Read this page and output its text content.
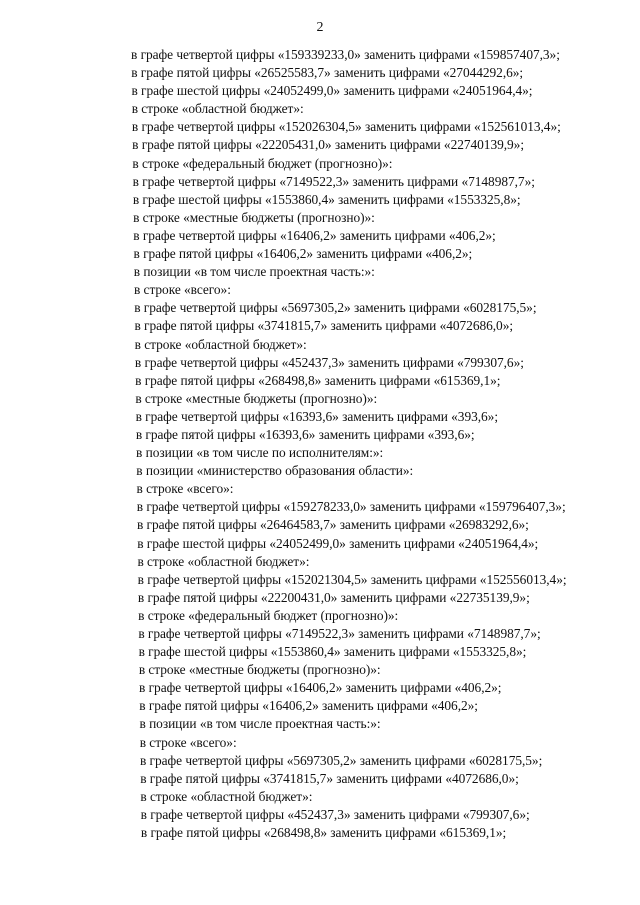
2
в графе четвертой цифры «159339233,0» заменить цифрами «159857407,3»;
в графе пятой цифры «26525583,7» заменить цифрами «27044292,6»;
в графе шестой цифры «24052499,0» заменить цифрами «24051964,4»;
в строке «областной бюджет»:
в графе четвертой цифры «152026304,5» заменить цифрами «152561013,4»;
в графе пятой цифры «22205431,0» заменить цифрами «22740139,9»;
в строке «федеральный бюджет (прогнозно)»:
в графе четвертой цифры «7149522,3» заменить цифрами «7148987,7»;
в графе шестой цифры «1553860,4» заменить цифрами «1553325,8»;
в строке «местные бюджеты (прогнозно)»:
в графе четвертой цифры «16406,2» заменить цифрами «406,2»;
в графе пятой цифры «16406,2» заменить цифрами «406,2»;
в позиции «в том числе проектная часть:»:
в строке «всего»:
в графе четвертой цифры «5697305,2» заменить цифрами «6028175,5»;
в графе пятой цифры «3741815,7» заменить цифрами «4072686,0»;
в строке «областной бюджет»:
в графе четвертой цифры «452437,3» заменить цифрами «799307,6»;
в графе пятой цифры «268498,8» заменить цифрами «615369,1»;
в строке «местные бюджеты (прогнозно)»:
в графе четвертой цифры «16393,6» заменить цифрами «393,6»;
в графе пятой цифры «16393,6» заменить цифрами «393,6»;
в позиции «в том числе по исполнителям:»:
в позиции «министерство образования области»:
в строке «всего»:
в графе четвертой цифры «159278233,0» заменить цифрами «159796407,3»;
в графе пятой цифры «26464583,7» заменить цифрами «26983292,6»;
в графе шестой цифры «24052499,0» заменить цифрами «24051964,4»;
в строке «областной бюджет»:
в графе четвертой цифры «152021304,5» заменить цифрами «152556013,4»;
в графе пятой цифры «22200431,0» заменить цифрами «22735139,9»;
в строке «федеральный бюджет (прогнозно)»:
в графе четвертой цифры «7149522,3» заменить цифрами «7148987,7»;
в графе шестой цифры «1553860,4» заменить цифрами «1553325,8»;
в строке «местные бюджеты (прогнозно)»:
в графе четвертой цифры «16406,2» заменить цифрами «406,2»;
в графе пятой цифры «16406,2» заменить цифрами «406,2»;
в позиции «в том числе проектная часть:»:
в строке «всего»:
в графе четвертой цифры «5697305,2» заменить цифрами «6028175,5»;
в графе пятой цифры «3741815,7» заменить цифрами «4072686,0»;
в строке «областной бюджет»:
в графе четвертой цифры «452437,3» заменить цифрами «799307,6»;
в графе пятой цифры «268498,8» заменить цифрами «615369,1»;
